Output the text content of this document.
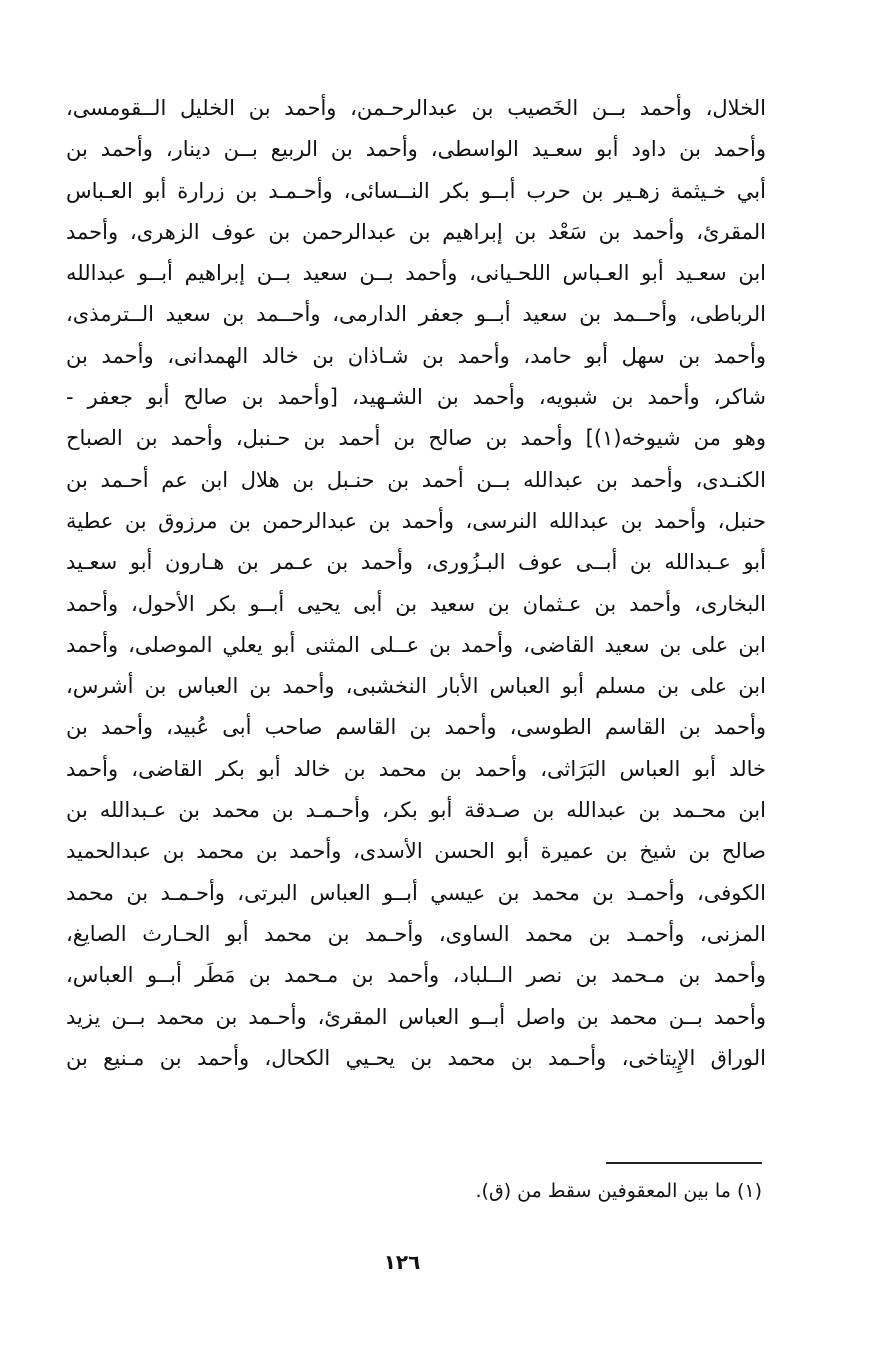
الخلال، وأحمد بــن الخَصيب بن عبدالرحـمن، وأحمد بن الخليل الــقومسى،
وأحمد بن داود أبو سعـيد الواسطى، وأحمد بن الربيع بــن دينار، وأحمد بن
أبي خـيثمة زهـير بن حرب أبــو بكر النــسائى، وأحـمـد بن زرارة أبو العـباس
المقرئ، وأحمد بن سَعْد بن إبراهيم بن عبدالرحمن بن عوف الزهرى، وأحمد
ابن سعـيد أبو العـباس اللحـيانى، وأحمد بــن سعيد بــن إبراهيم أبــو عبدالله
الرباطى، وأحــمد بن سعيد أبــو جعفر الدارمى، وأحــمد بن سعيد الــترمذى،
وأحمد بن سهل أبو حامد، وأحمد بن شـاذان بن خالد الهمدانى، وأحمد بن
شاكر، وأحمد بن شبويه، وأحمد بن الشـهيد، [وأحمد بن صالح أبو جعفر -
وهو من شيوخه(١)] وأحمد بن صالح بن أحمد بن حـنبل، وأحمد بن الصباح
الكنـدى، وأحمد بن عبدالله بــن أحمد بن حنـبل بن هلال ابن عم أحـمد بن
حنبل، وأحمد بن عبدالله النرسى، وأحمد بن عبدالرحمن بن مرزوق بن عطية
أبو عـبدالله بن أبــى عوف البـزُورى، وأحمد بن عـمر بن هـارون أبو سعـيد
البخارى، وأحمد بن عـثمان بن سعيد بن أبى يحيى أبــو بكر الأحول، وأحمد
ابن على بن سعيد القاضى، وأحمد بن عــلى المثنى أبو يعلي الموصلى، وأحمد
ابن على بن مسلم أبو العباس الأبار النخشبى، وأحمد بن العباس بن أشرس،
وأحمد بن القاسم الطوسى، وأحمد بن القاسم صاحب أبى عُبيد، وأحمد بن
خالد أبو العباس البَرَاثى، وأحمد بن محمد بن خالد أبو بكر القاضى، وأحمد
ابن محـمد بن عبدالله بن صـدقة أبو بكر، وأحـمـد بن محمد بن عـبدالله بن
صالح بن شيخ بن عميرة أبو الحسن الأسدى، وأحمد بن محمد بن عبدالحميد
الكوفى، وأحمـد بن محمد بن عيسي أبــو العباس البرتى، وأحـمـد بن محمد
المزنى، وأحمـد بن محمد الساوى، وأحـمد بن محمد أبو الحـارث الصايغ،
وأحمد بن مـحمد بن نصر الــلباد، وأحمد بن مـحمد بن مَطَر أبــو العباس،
وأحمد بــن محمد بن واصل أبــو العباس المقرئ، وأحـمد بن محمد بــن يزيد
الوراق الإِيتاخى، وأحـمد بن محمد بن يحـيي الكحال، وأحمد بن مـنيع بن
(١) ما بين المعقوفين سقط من (ق).
١٢٦
